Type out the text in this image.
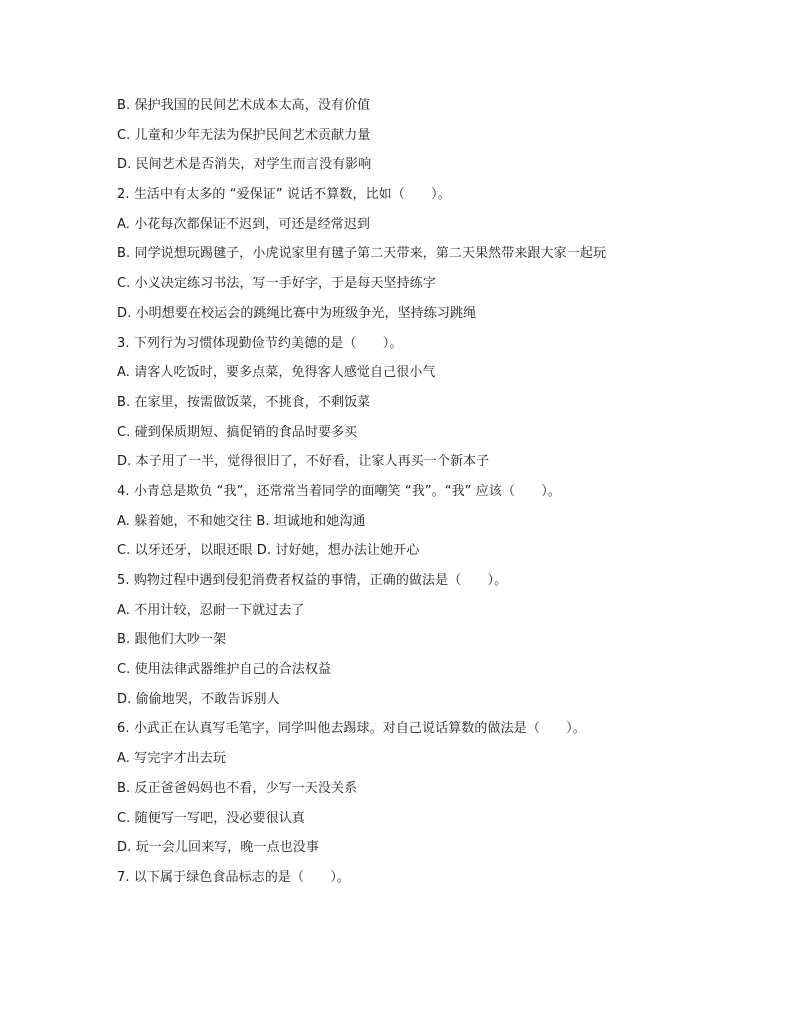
B. 保护我国的民间艺术成本太高，没有价值
C. 儿童和少年无法为保护民间艺术贡献力量
D. 民间艺术是否消失，对学生而言没有影响
2. 生活中有太多的 “爱保证” 说话不算数，比如（　　）。
A. 小花每次都保证不迟到，可还是经常迟到
B. 同学说想玩踢毽子，小虎说家里有毽子第二天带来，第二天果然带来跟大家一起玩
C. 小义决定练习书法，写一手好字，于是每天坚持练字
D. 小明想要在校运会的跳绳比赛中为班级争光，坚持练习跳绳
3. 下列行为习惯体现勤俭节约美德的是（　　）。
A. 请客人吃饭时，要多点菜，免得客人感觉自己很小气
B. 在家里，按需做饭菜，不挑食，不剩饭菜
C. 碰到保质期短、搞促销的食品时要多买
D. 本子用了一半，觉得很旧了，不好看，让家人再买一个新本子
4. 小青总是欺负 “我”，还常常当着同学的面嘲笑 “我”。“我” 应该（　　）。
A. 躲着她，不和她交往 B. 坦诚地和她沟通
C. 以牙还牙，以眼还眼 D. 讨好她，想办法让她开心
5. 购物过程中遇到侵犯消费者权益的事情，正确的做法是（　　）。
A. 不用计较，忍耐一下就过去了
B. 跟他们大吵一架
C. 使用法律武器维护自己的合法权益
D. 偷偷地哭，不敢告诉别人
6. 小武正在认真写毛笔字，同学叫他去踢球。对自己说话算数的做法是（　　）。
A. 写完字才出去玩
B. 反正爸爸妈妈也不看，少写一天没关系
C. 随便写一写吧，没必要很认真
D. 玩一会儿回来写，晚一点也没事
7. 以下属于绿色食品标志的是（　　）。
